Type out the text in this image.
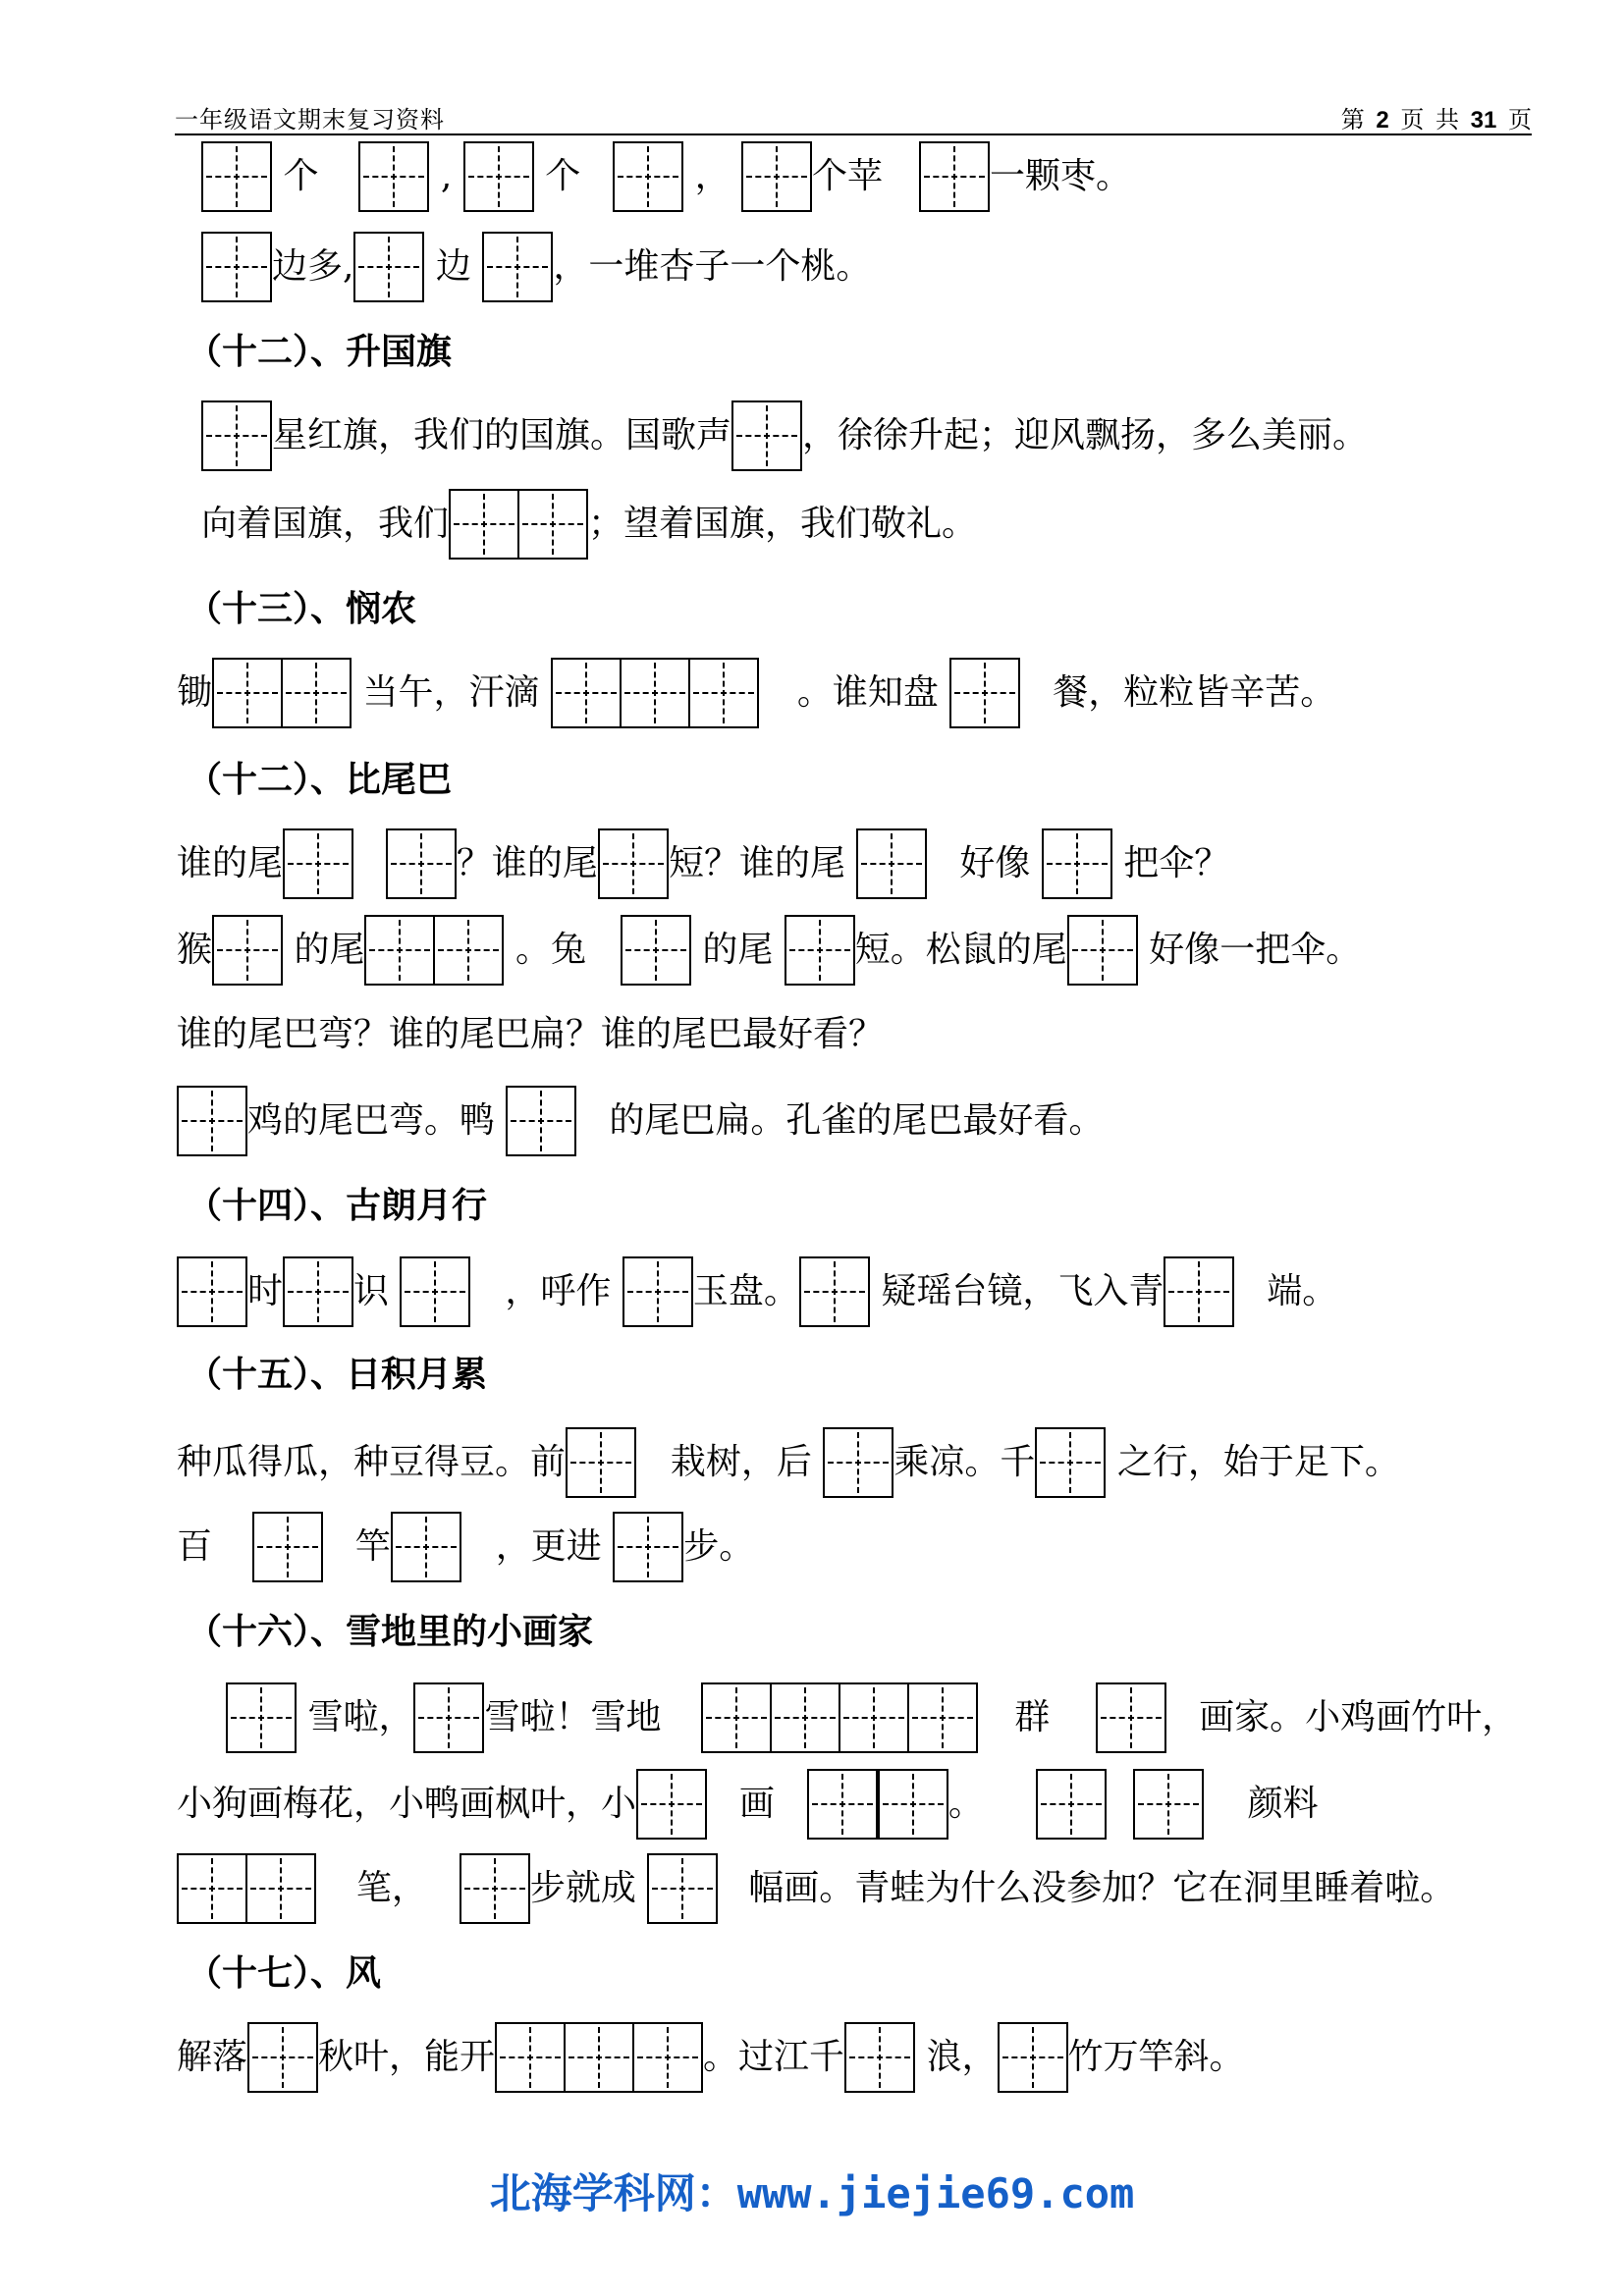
一年级语文期末复习资料	第 2 页 共 31 页
个	,	个	， 个苹	一颗枣。
边多, 边 ，一堆杏子一个桃。
（十二）、升国旗
星红旗，我们的国旗。国歌声 ，徐徐升起；迎风飘扬，多么美丽。
向着国旗，我们	；望着国旗，我们敬礼。
（十三）、悯农
锄	当午，汗滴	。谁知盘	餐，粒粒皆辛苦。
（十二）、比尾巴
谁的尾	？谁的尾 短？谁的尾	好像	把伞？
猴 的尾	。兔	的尾 短。松鼠的尾 好像一把伞。
谁的尾巴弯？谁的尾巴扁？谁的尾巴最好看？
鸡的尾巴弯。鸭	的尾巴扁。孔雀的尾巴最好看。
（十四）、古朗月行
时 识	，呼作 玉盘。 疑瑶台镜，飞入青	端。
（十五）、日积月累
种瓜得瓜，种豆得豆。前	栽树，后 乘凉。千 之行，始于足下。
百	竿	，更进 步。
（十六）、雪地里的小画家
雪啦， 雪啦！雪地	群	画家。小鸡画竹叶，
小狗画梅花，小鸭画枫叶，小	画	。	颜料
笔，	步就成	幅画。青蛙为什么没参加？它在洞里睡着啦。
（十七）、风
解落 秋叶，能开	。过江千 浪， 竹万竿斜。
北海学科网：www.jiejie69.com
